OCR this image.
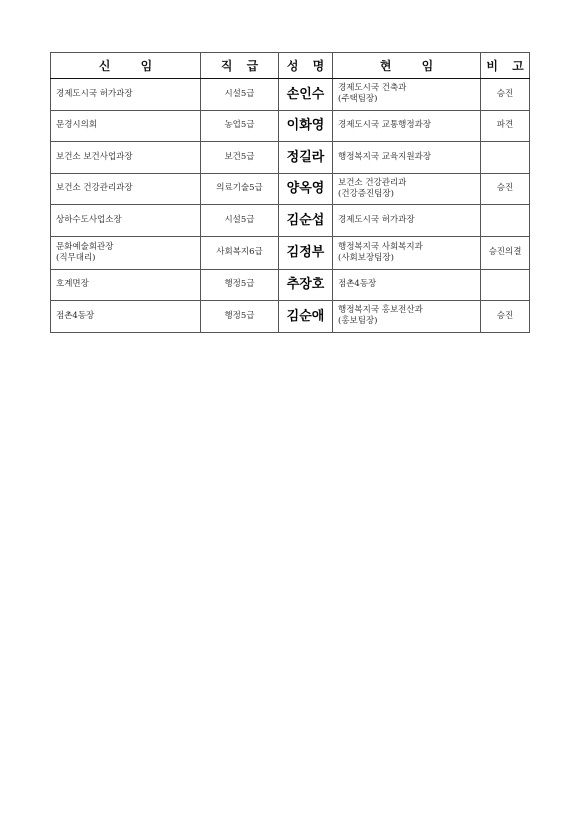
신 임	직 급	성 명	현 임	비 고

경제도시국 허가과장	시설5급	손인수	경제도시국 건축과
(주택팀장)	승진

문경시의회	농업5급	이화영	경제도시국 교통행정과장	파견

보건소 보건사업과장	보건5급	정길라	행정복지국 교육지원과장	

보건소 건강관리과장	의료기술5급	양옥영	보건소 건강관리과
(건강증진팀장)	승진

상하수도사업소장	시설5급	김순섭	경제도시국 허가과장	

문화예술회관장
(직무대리)	사회복지6급	김정부	행정복지국 사회복지과
(사회보장팀장)	승진의결

호계면장	행정5급	추장호	점촌4동장	

점촌4동장	행정5급	김순애	행정복지국 홍보전산과
(홍보팀장)	승진
